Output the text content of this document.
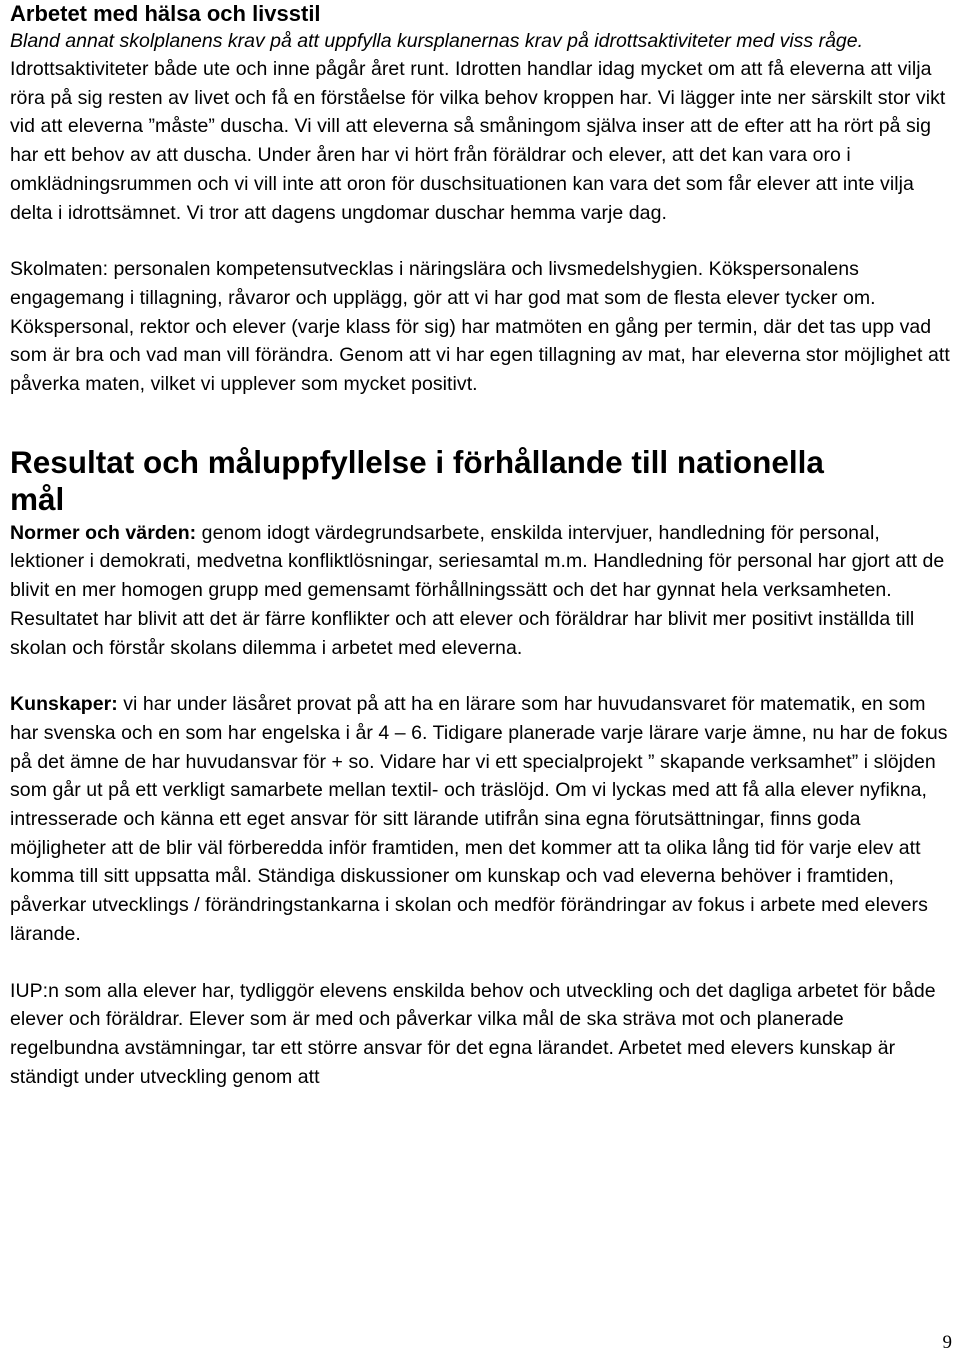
Arbetet med hälsa och livsstil

Bland annat skolplanens krav på att uppfylla kursplanernas krav på idrottsaktiviteter med viss råge.

Idrottsaktiviteter både ute och inne pågår året runt. Idrotten handlar idag mycket om att få eleverna att vilja röra på sig resten av livet och få en förståelse för vilka behov kroppen har. Vi lägger inte ner särskilt stor vikt vid att eleverna ”måste” duscha. Vi vill att eleverna så småningom själva inser att de efter att ha rört på sig har ett behov av att duscha. Under åren har vi hört från föräldrar och elever, att det kan vara oro i omklädningsrummen och vi vill inte att oron för duschsituationen kan vara det som får elever att inte vilja delta i idrottsämnet. Vi tror att dagens ungdomar duschar hemma varje dag.

Skolmaten: personalen kompetensutvecklas i näringslära och livsmedelshygien. Kökspersonalens engagemang i tillagning, råvaror och upplägg, gör att vi har god mat som de flesta elever tycker om. Kökspersonal, rektor och elever (varje klass för sig) har matmöten en gång per termin, där det tas upp vad som är bra och vad man vill förändra. Genom att vi har egen tillagning av mat, har eleverna stor möjlighet att påverka maten, vilket vi upplever som mycket positivt.

Resultat och måluppfyllelse i förhållande till nationella mål

Normer och värden: genom idogt värdegrundsarbete, enskilda intervjuer, handledning för personal, lektioner i demokrati, medvetna konfliktlösningar, seriesamtal m.m. Handledning för personal har gjort att de blivit en mer homogen grupp med gemensamt förhållningssätt och det har gynnat hela verksamheten. Resultatet har blivit att det är färre konflikter och att elever och föräldrar har blivit mer positivt inställda till skolan och förstår skolans dilemma i arbetet med eleverna.

Kunskaper: vi har under läsåret provat på att ha en lärare som har huvudansvaret för matematik, en som har svenska och en som har engelska i år 4 – 6. Tidigare planerade varje lärare varje ämne, nu har de fokus på det ämne de har huvudansvar för + so. Vidare har vi ett specialprojekt ” skapande verksamhet” i slöjden som går ut på ett verkligt samarbete mellan textil- och träslöjd. Om vi lyckas med att få alla elever nyfikna, intresserade och känna ett eget ansvar för sitt lärande utifrån sina egna förutsättningar, finns goda möjligheter att de blir väl förberedda inför framtiden, men det kommer att ta olika lång tid för varje elev att komma till sitt uppsatta mål. Ständiga diskussioner om kunskap och vad eleverna behöver i framtiden, påverkar utvecklings / förändringstankarna i skolan och medför förändringar av fokus i arbete med elevers lärande.

IUP:n som alla elever har, tydliggör elevens enskilda behov och utveckling och det dagliga arbetet för både elever och föräldrar. Elever som är med och påverkar vilka mål de ska sträva mot och planerade regelbundna avstämningar, tar ett större ansvar för det egna lärandet. Arbetet med elevers kunskap är ständigt under utveckling genom att

9
